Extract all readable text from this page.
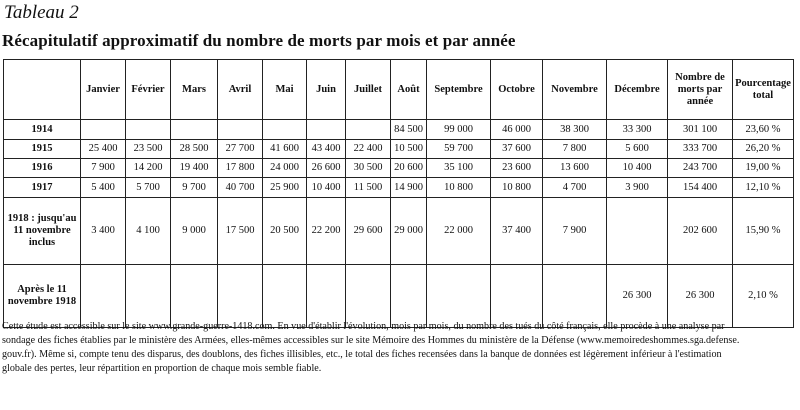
Tableau 2
Récapitulatif approximatif du nombre de morts par mois et par année
	Janvier	Février	Mars	Avril	Mai	Juin	Juillet	Août	Septembre	Octobre	Novembre	Décembre	Nombre de morts par année	Pourcentage total
1914								84 500	99 000	46 000	38 300	33 300	301 100	23,60 %
1915	25 400	23 500	28 500	27 700	41 600	43 400	22 400	10 500	59 700	37 600	7 800	5 600	333 700	26,20 %
1916	7 900	14 200	19 400	17 800	24 000	26 600	30 500	20 600	35 100	23 600	13 600	10 400	243 700	19,00 %
1917	5 400	5 700	9 700	40 700	25 900	10 400	11 500	14 900	10 800	10 800	4 700	3 900	154 400	12,10 %
1918 : jusqu'au 11 novembre inclus	3 400	4 100	9 000	17 500	20 500	22 200	29 600	29 000	22 000	37 400	7 900		202 600	15,90 %
Après le 11 novembre 1918												26 300	26 300	2,10 %
Cette étude est accessible sur le site www.grande-guerre-1418.com. En vue d'établir l'évolution, mois par mois, du nombre des tués du côté français, elle procède à une analyse par
sondage des fiches établies par le ministère des Armées, elles-mêmes accessibles sur le site Mémoire des Hommes du ministère de la Défense (www.memoiredeshommes.sga.defense.
gouv.fr). Même si, compte tenu des disparus, des doublons, des fiches illisibles, etc., le total des fiches recensées dans la banque de données est légèrement inférieur à l'estimation
globale des pertes, leur répartition en proportion de chaque mois semble fiable.
